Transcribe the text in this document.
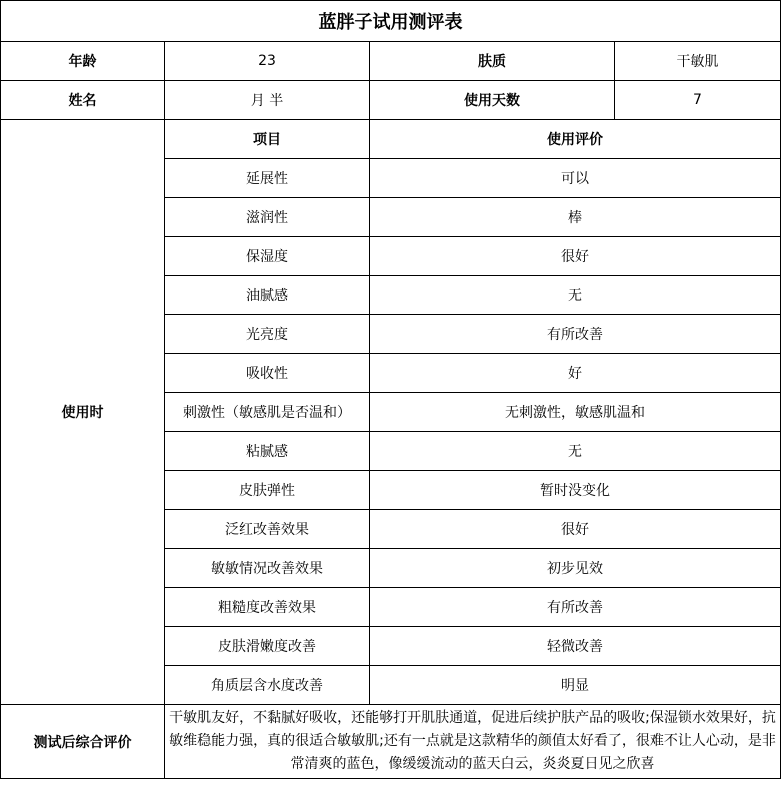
蓝胖子试用测评表			
年龄	23	肤质	干敏肌
姓名	月 半	使用天数	7
使用时	项目	使用评价	
	延展性	可以	
	滋润性	棒	
	保湿度	很好	
	油腻感	无	
	光亮度	有所改善	
	吸收性	好	
	刺激性（敏感肌是否温和）	无刺激性，敏感肌温和	
	粘腻感	无	
	皮肤弹性	暂时没变化	
	泛红改善效果	很好	
	敏敏情况改善效果	初步见效	
	粗糙度改善效果	有所改善	
	皮肤滑嫩度改善	轻微改善	
	角质层含水度改善	明显	
测试后综合评价	干敏肌友好，不黏腻好吸收，还能够打开肌肤通道，促进后续护肤产品的吸收;保湿锁水效果好，抗敏维稳能力强，真的很适合敏敏肌;还有一点就是这款精华的颜值太好看了，很难不让人心动，是非常清爽的蓝色，像缓缓流动的蓝天白云，炎炎夏日见之欣喜		
